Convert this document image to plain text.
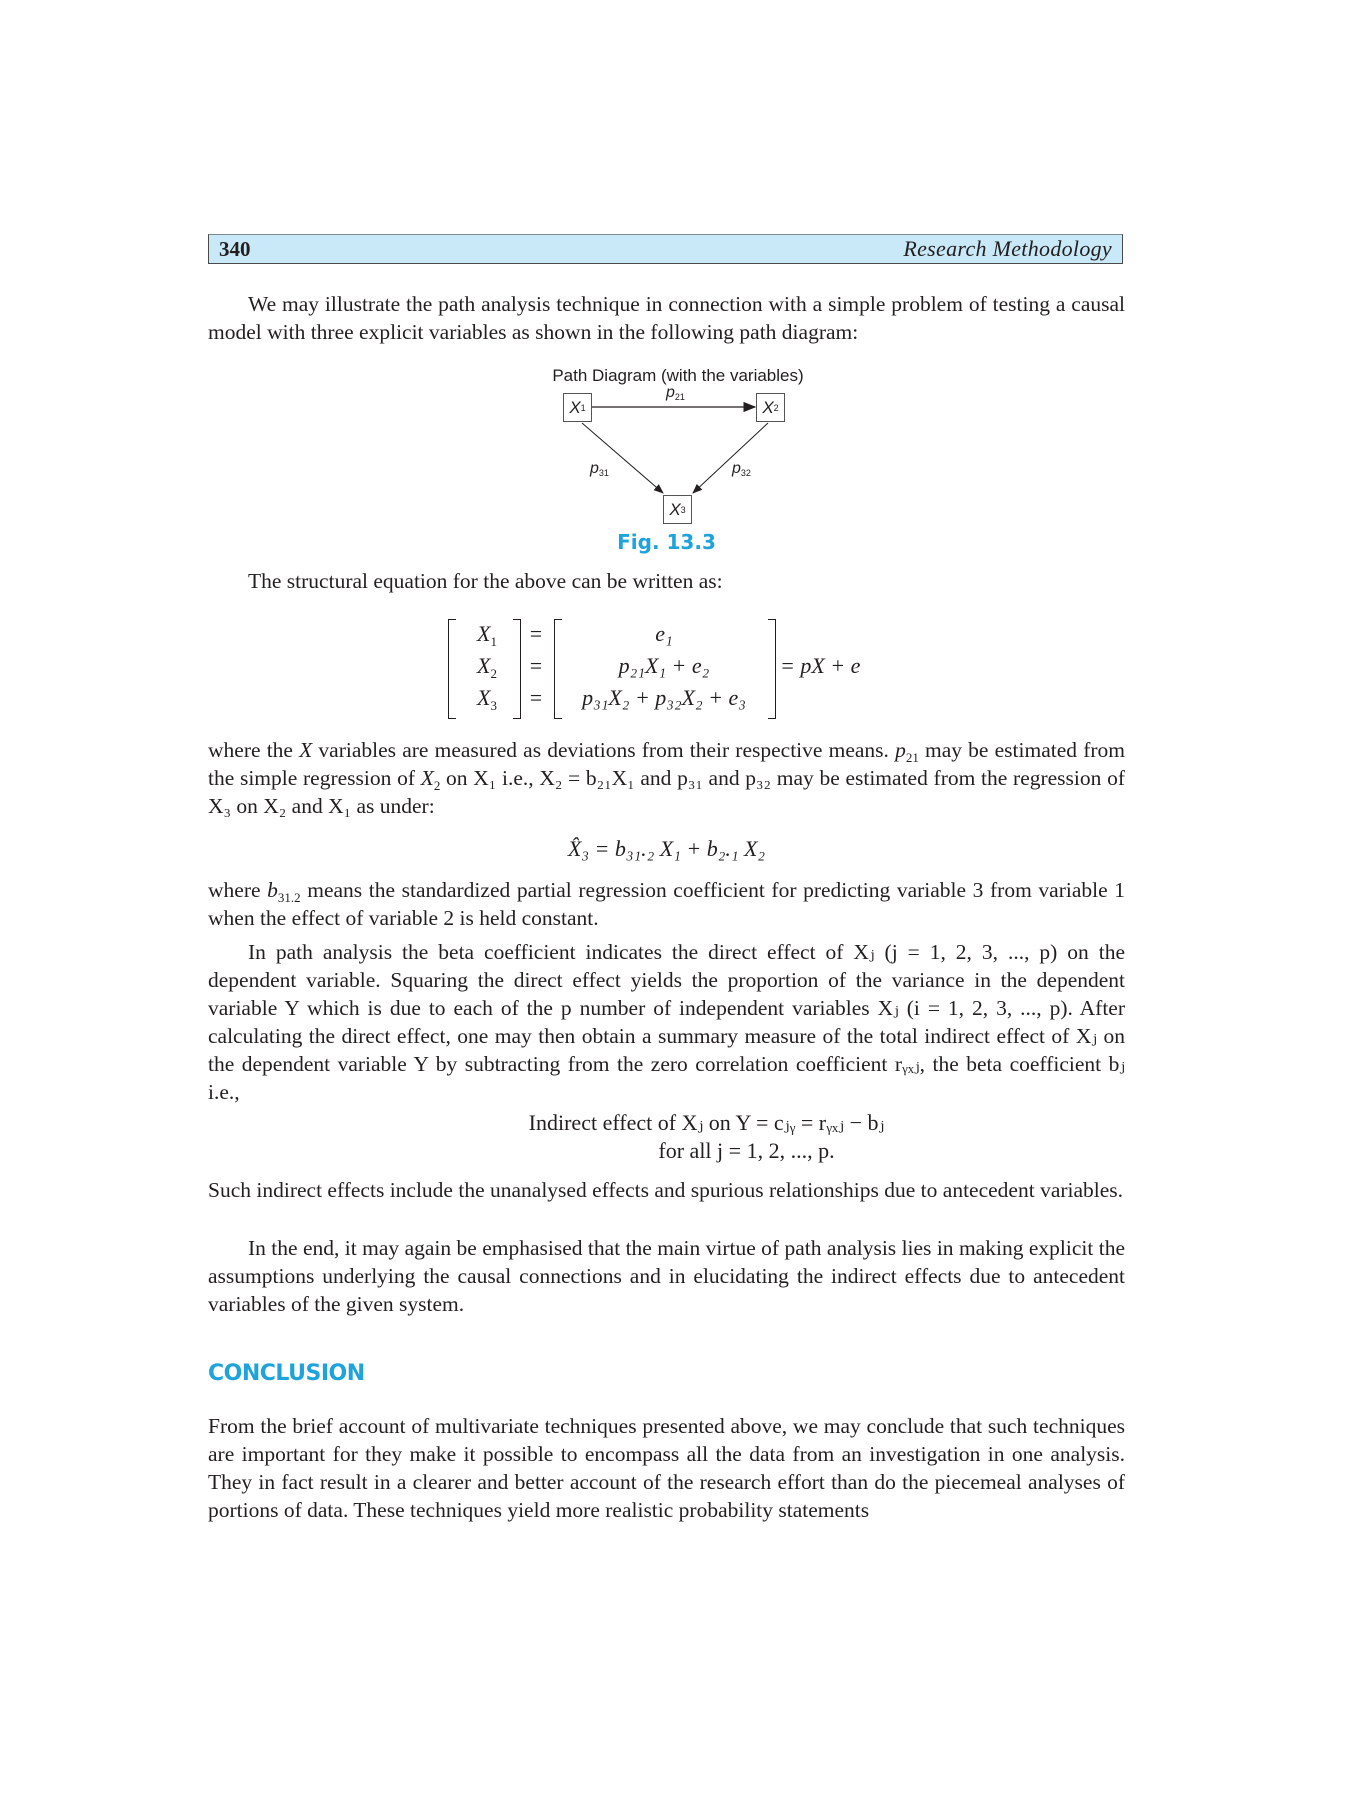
340	Research Methodology
We may illustrate the path analysis technique in connection with a simple problem of testing a causal model with three explicit variables as shown in the following path diagram:
Path Diagram (with the variables)
X 1	X 2
X 3
$p_{21}$
$p_{31}$	$p_{32}$
Fig. 13.3
The structural equation for the above can be written as:
$X_1$	=	e₁
$X_2$	=	p₂₁X₁ + e₂	= pX + e
$X_3$	=	p₃₁X₂ + p₃₂X₂ + e₃
where the X variables are measured as deviations from their respective means. $p_{21}$ may be estimated from the simple regression of $X_2$ on X₁ i.e., X₂ = b₂₁X₁ and p₃₁ and p₃₂ may be estimated from the regression of X₃ on X₂ and X₁ as under:
X̂₃ = b₃₁.₂ X₁ + b₂.₁ X₂
where $b_{31.2}$ means the standardized partial regression coefficient for predicting variable 3 from variable 1 when the effect of variable 2 is held constant.
In path analysis the beta coefficient indicates the direct effect of Xⱼ (j = 1, 2, 3, ..., p) on the dependent variable. Squaring the direct effect yields the proportion of the variance in the dependent variable Y which is due to each of the p number of independent variables Xⱼ (i = 1, 2, 3, ..., p). After calculating the direct effect, one may then obtain a summary measure of the total indirect effect of Xⱼ on the dependent variable Y by subtracting from the zero correlation coefficient rᵧₓⱼ, the beta coefficient bⱼ i.e.,
Indirect effect of Xⱼ on Y = cⱼᵧ = rᵧₓⱼ − bⱼ
for all j = 1, 2, ..., p.
Such indirect effects include the unanalysed effects and spurious relationships due to antecedent variables.
In the end, it may again be emphasised that the main virtue of path analysis lies in making explicit the assumptions underlying the causal connections and in elucidating the indirect effects due to antecedent variables of the given system.
CONCLUSION
From the brief account of multivariate techniques presented above, we may conclude that such techniques are important for they make it possible to encompass all the data from an investigation in one analysis. They in fact result in a clearer and better account of the research effort than do the piecemeal analyses of portions of data. These techniques yield more realistic probability statements
